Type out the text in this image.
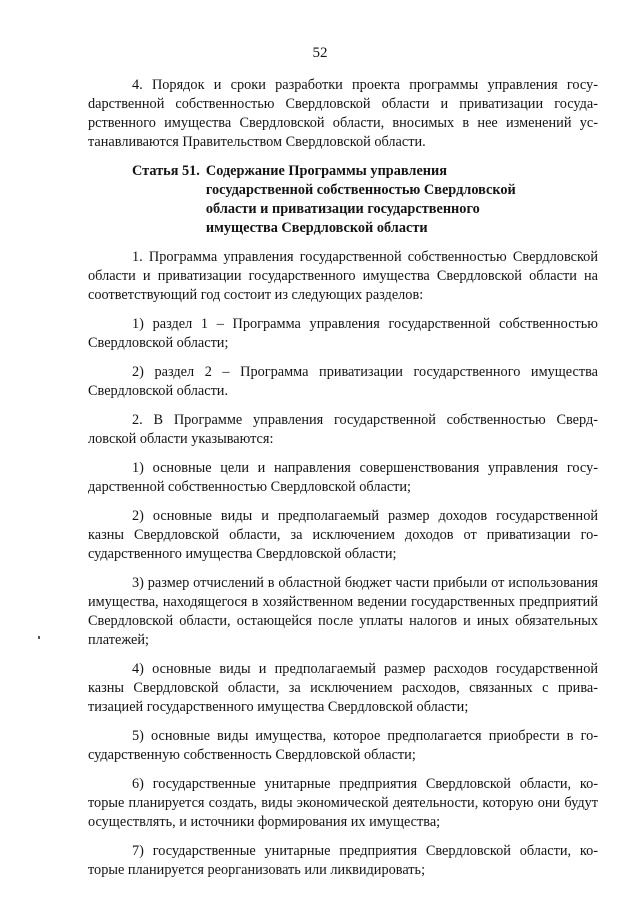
52

4. Порядок и сроки разработки проекта программы управления госуdарственной собственностью Свердловской области и приватизации государственного имущества Свердловской области, вносимых в нее изменений устанавливаются Правительством Свердловской области.

Статья 51. Содержание Программы управления государственной собственностью Свердловской области и приватизации государственного имущества Свердловской области

1. Программа управления государственной собственностью Свердловской области и приватизации государственного имущества Свердловской области на соответствующий год состоит из следующих разделов:

1) раздел 1 – Программа управления государственной собственностью Свердловской области;

2) раздел 2 – Программа приватизации государственного имущества Свердловской области.

2. В Программе управления государственной собственностью Свердловской области указываются:

1) основные цели и направления совершенствования управления государственной собственностью Свердловской области;

2) основные виды и предполагаемый размер доходов государственной казны Свердловской области, за исключением доходов от приватизации государственного имущества Свердловской области;

3) размер отчислений в областной бюджет части прибыли от использования имущества, находящегося в хозяйственном ведении государственных предприятий Свердловской области, остающейся после уплаты налогов и иных обязательных платежей;

4) основные виды и предполагаемый размер расходов государственной казны Свердловской области, за исключением расходов, связанных с приватизацией государственного имущества Свердловской области;

5) основные виды имущества, которое предполагается приобрести в государственную собственность Свердловской области;

6) государственные унитарные предприятия Свердловской области, которые планируется создать, виды экономической деятельности, которую они будут осуществлять, и источники формирования их имущества;

7) государственные унитарные предприятия Свердловской области, которые планируется реорганизовать или ликвидировать;
